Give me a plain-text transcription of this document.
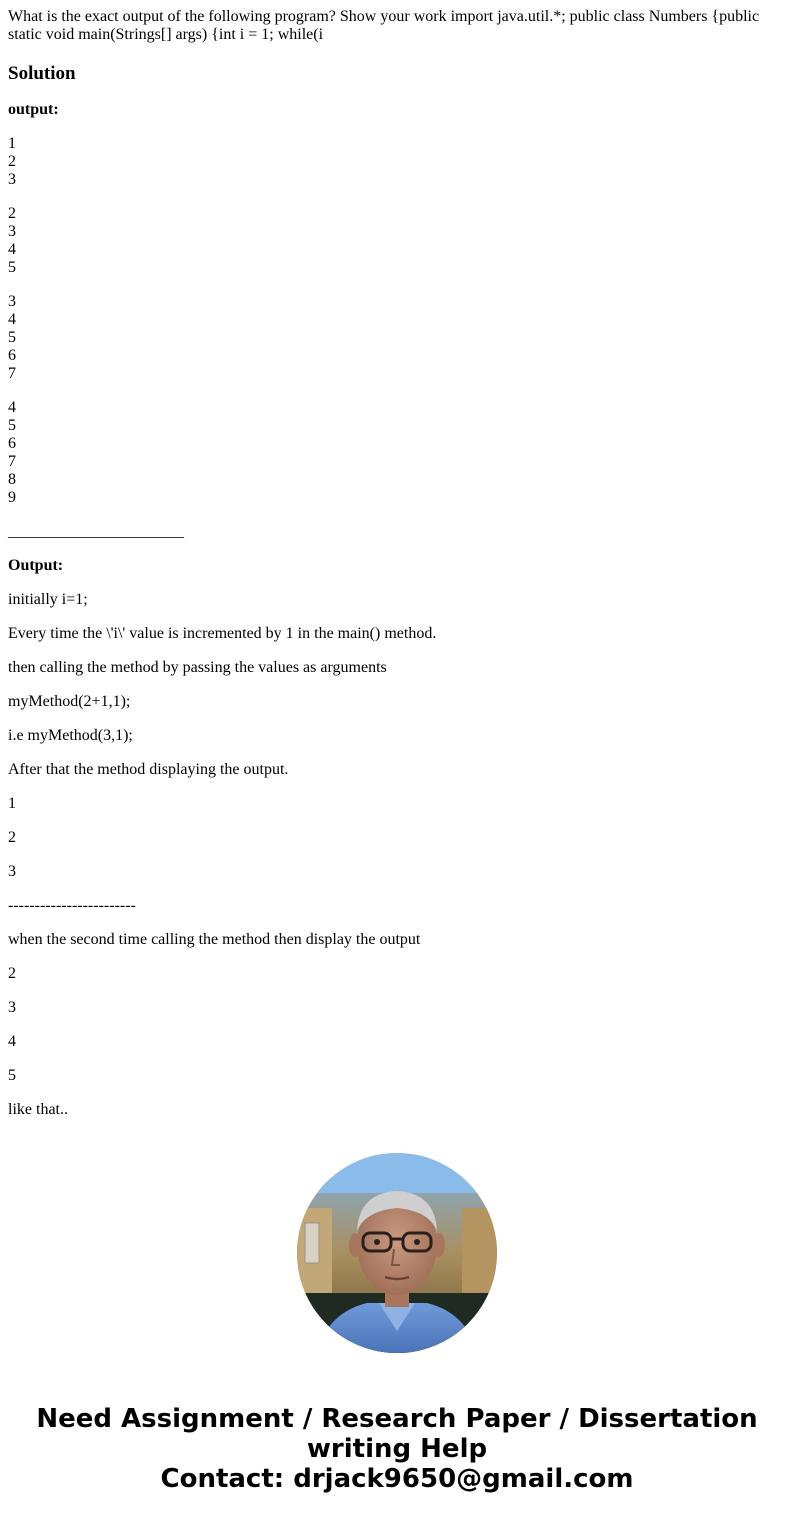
What is the exact output of the following program? Show your work import java.util.*; public class Numbers {public static void main(Strings[] args) {int i = 1; while(i

Solution

output:

1
2
3

2
3
4
5

3
4
5
6
7

4
5
6
7
8
9

______________________

Output:

initially i=1;

Every time the \'i\' value is incremented by 1 in the main() method.

then calling the method by passing the values as arguments

myMethod(2+1,1);

i.e myMethod(3,1);

After that the method displaying the output.

1

2

3

------------------------

when the second time calling the method then display the output

2

3

4

5

like that..

Need Assignment / Research Paper / Dissertation
writing Help
Contact: drjack9650@gmail.com
